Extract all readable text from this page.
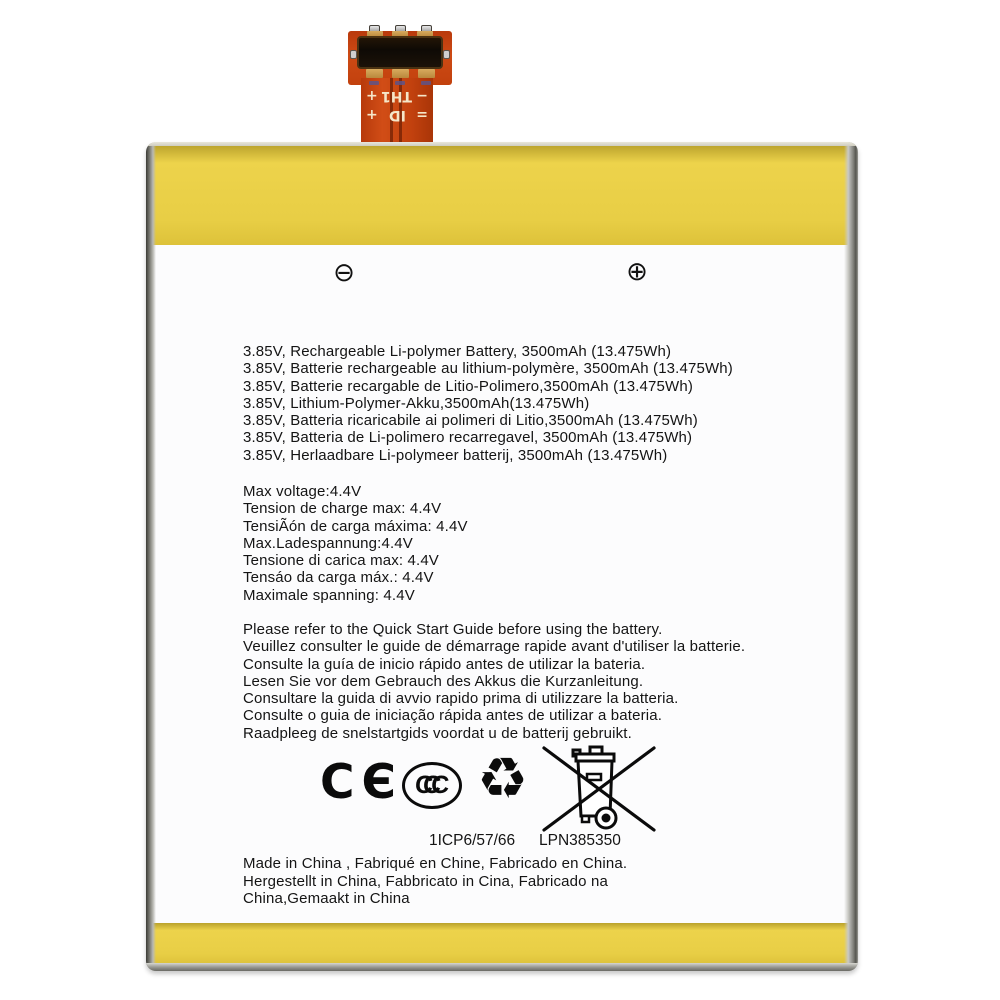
+ TH1 −
+ ID =
⊖	⊕
3.85V, Rechargeable Li-polymer Battery, 3500mAh (13.475Wh)
3.85V, Batterie rechargeable au lithium-polymère, 3500mAh (13.475Wh)
3.85V, Batterie recargable de Litio-Polimero,3500mAh (13.475Wh)
3.85V, Lithium-Polymer-Akku,3500mAh(13.475Wh)
3.85V, Batteria ricaricabile ai polimeri di Litio,3500mAh (13.475Wh)
3.85V, Batteria de Li-polimero recarregavel, 3500mAh (13.475Wh)
3.85V, Herlaadbare Li-polymeer batterij, 3500mAh (13.475Wh)
Max voltage:4.4V
Tension de charge max: 4.4V
TensiÃón de carga máxima: 4.4V
Max.Ladespannung:4.4V
Tensione di carica max: 4.4V
Tensáo da carga máx.: 4.4V
Maximale spanning: 4.4V
Please refer to the Quick Start Guide before using the battery.
Veuillez consulter le guide de démarrage rapide avant d'utiliser la batterie.
Consulte la guía de inicio rápido antes de utilizar la bateria.
Lesen Sie vor dem Gebrauch des Akkus die Kurzanleitung.
Consultare la guida di avvio rapido prima di utilizzare la batteria.
Consulte o guia de iniciação rápida antes de utilizar a bateria.
Raadpleeg de snelstartgids voordat u de batterij gebruikt.
CЄ CCC ♻
1ICP6/57/66 LPN385350
Made in China , Fabriqué en Chine, Fabricado en China.
Hergestellt in China, Fabbricato in Cina, Fabricado na
China,Gemaakt in China
